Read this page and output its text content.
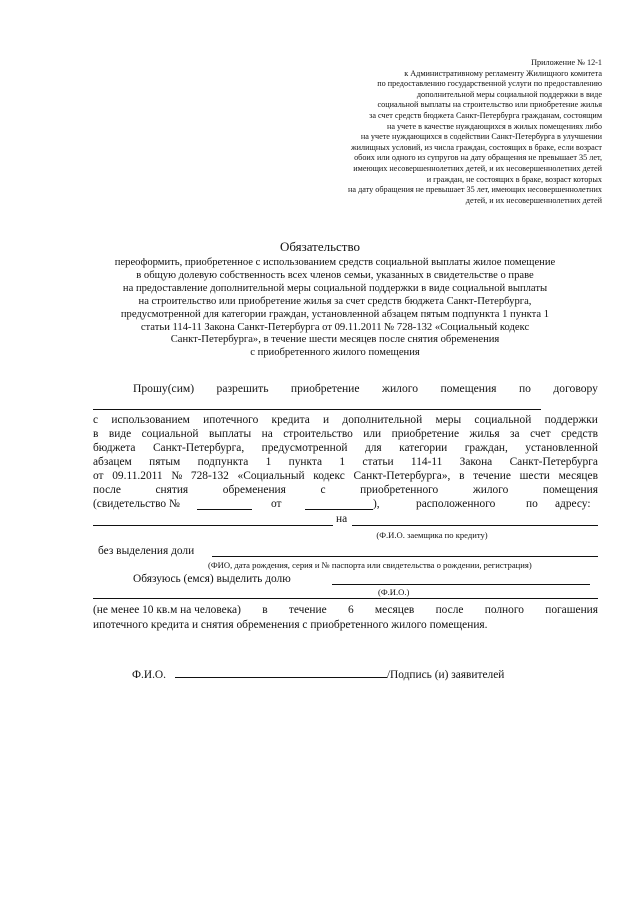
Приложение № 12-1
к Административному регламенту Жилищного комитета
по предоставлению государственной услуги по предоставлению
дополнительной меры социальной поддержки в виде
социальной выплаты на строительство или приобретение жилья
за счет средств бюджета Санкт-Петербурга гражданам, состоящим
на учете в качестве нуждающихся в жилых помещениях либо
на учете нуждающихся в содействии Санкт-Петербурга в улучшении
жилищных условий, из числа граждан, состоящих в браке, если возраст
обоих или одного из супругов на дату обращения не превышает 35 лет,
имеющих несовершеннолетних детей, и их несовершеннолетних детей
и граждан, не состоящих в браке, возраст которых
на дату обращения не превышает 35 лет, имеющих несовершеннолетних
детей, и их несовершеннолетних детей
Обязательство
переоформить, приобретенное с использованием средств социальной выплаты жилое помещение
в общую долевую собственность всех членов семьи, указанных в свидетельстве о праве
на предоставление дополнительной меры социальной поддержки в виде социальной выплаты
на строительство или приобретение жилья за счет средств бюджета Санкт-Петербурга,
предусмотренной для категории граждан, установленной абзацем пятым подпункта 1 пункта 1
статьи 114-11 Закона Санкт-Петербурга от 09.11.2011 № 728-132 «Социальный кодекс
Санкт-Петербурга», в течение шести месяцев после снятия обременения
с приобретенного жилого помещения
Прошу(сим) разрешить приобретение жилого помещения по договору
с использованием ипотечного кредита и дополнительной меры социальной поддержки
в виде социальной выплаты на строительство или приобретение жилья за счет средств
бюджета Санкт-Петербурга, предусмотренной для категории граждан, установленной
абзацем пятым подпункта 1 пункта 1 статьи 114-11 Закона Санкт-Петербурга
от 09.11.2011 № 728-132 «Социальный кодекс Санкт-Петербурга», в течение шести месяцев
после	снятия	обременения	с	приобретенного	жилого	помещения
(свидетельство №	от	),	расположенного	по адресу:
на
(Ф.И.О. заемщика по кредиту)
без выделения доли
(ФИО, дата рождения, серия и № паспорта или свидетельства о рождении, регистрация)
Обязуюсь (емся) выделить долю
(Ф.И.О.)
(не менее 10 кв.м на человека) в течение 6 месяцев после полного погашения
ипотечного кредита и снятия обременения с приобретенного жилого помещения.
Ф.И.О.	/Подпись (и) заявителей
